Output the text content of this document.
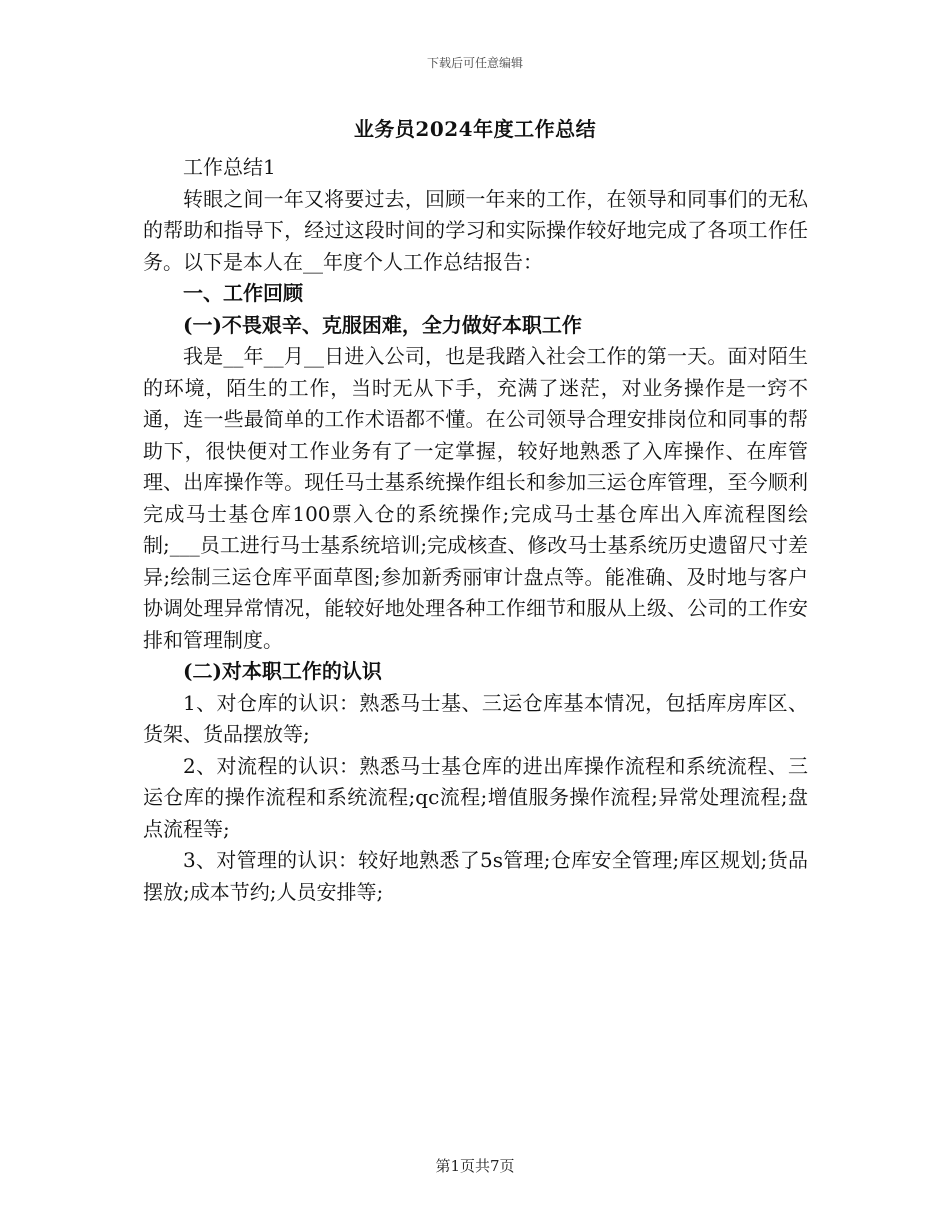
下载后可任意编辑
业务员2024年度工作总结

工作总结1

转眼之间一年又将要过去，回顾一年来的工作，在领导和同事们的无私的帮助和指导下，经过这段时间的学习和实际操作较好地完成了各项工作任务。以下是本人在__年度个人工作总结报告：

一、工作回顾

(一)不畏艰辛、克服困难，全力做好本职工作

我是__年__月__日进入公司，也是我踏入社会工作的第一天。面对陌生的环境，陌生的工作，当时无从下手，充满了迷茫，对业务操作是一窍不通，连一些最简单的工作术语都不懂。在公司领导合理安排岗位和同事的帮助下，很快便对工作业务有了一定掌握，较好地熟悉了入库操作、在库管理、出库操作等。现任马士基系统操作组长和参加三运仓库管理，至今顺利完成马士基仓库100票入仓的系统操作;完成马士基仓库出入库流程图绘制;___员工进行马士基系统培训;完成核查、修改马士基系统历史遗留尺寸差异;绘制三运仓库平面草图;参加新秀丽审计盘点等。能准确、及时地与客户协调处理异常情况，能较好地处理各种工作细节和服从上级、公司的工作安排和管理制度。

(二)对本职工作的认识

1、对仓库的认识：熟悉马士基、三运仓库基本情况，包括库房库区、货架、货品摆放等;

2、对流程的认识：熟悉马士基仓库的进出库操作流程和系统流程、三运仓库的操作流程和系统流程;qc流程;增值服务操作流程;异常处理流程;盘点流程等;

3、对管理的认识：较好地熟悉了5s管理;仓库安全管理;库区规划;货品摆放;成本节约;人员安排等;

第1页共7页
